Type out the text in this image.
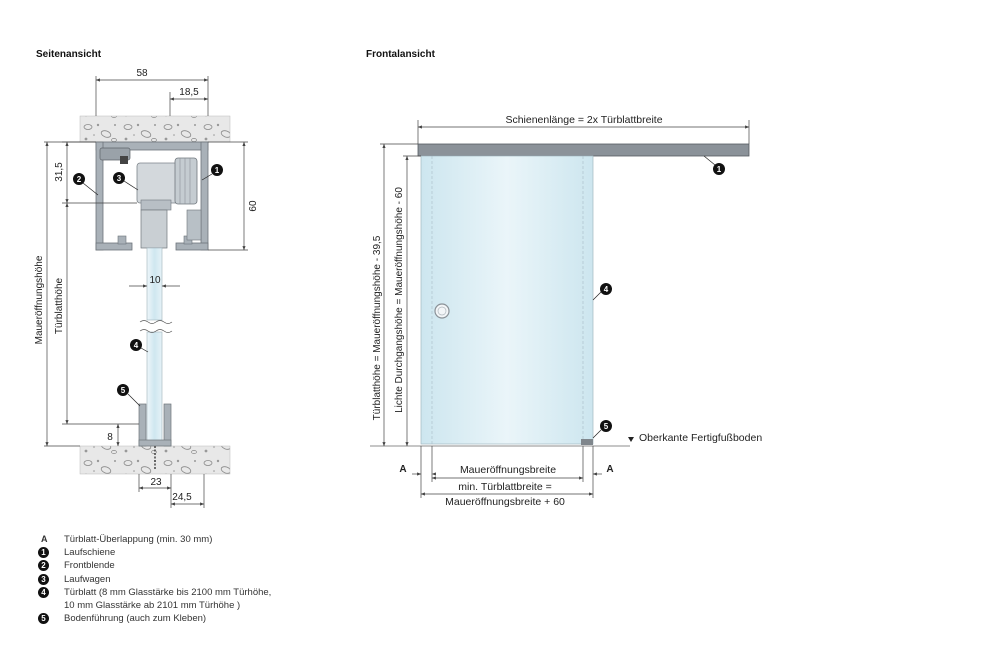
Seitenansicht	Frontalansicht
58
18,5
60
31,5
Türblatthöhe
Maueröffnungshöhe	10
8
23
24,5
1
2	3
4
5
Schienenlänge = 2x Türblattbreite
Oberkante Fertigfußboden
Türblatthöhe = Maueröffnungshöhe - 39,5 Lichte Durchgangshöhe = Maueröffnungshöhe - 60
Maueröffnungsbreite
min. Türblattbreite =
Maueröffnungsbreite + 60
A	A
1
4
5
A Türblatt-Überlappung (min. 30 mm)
1	Laufschiene
2	Frontblende
3	Laufwagen
4	Türblatt (8 mm Glasstärke bis 2100 mm Türhöhe,
10 mm Glasstärke ab 2101 mm Türhöhe )
5	Bodenführung (auch zum Kleben)
